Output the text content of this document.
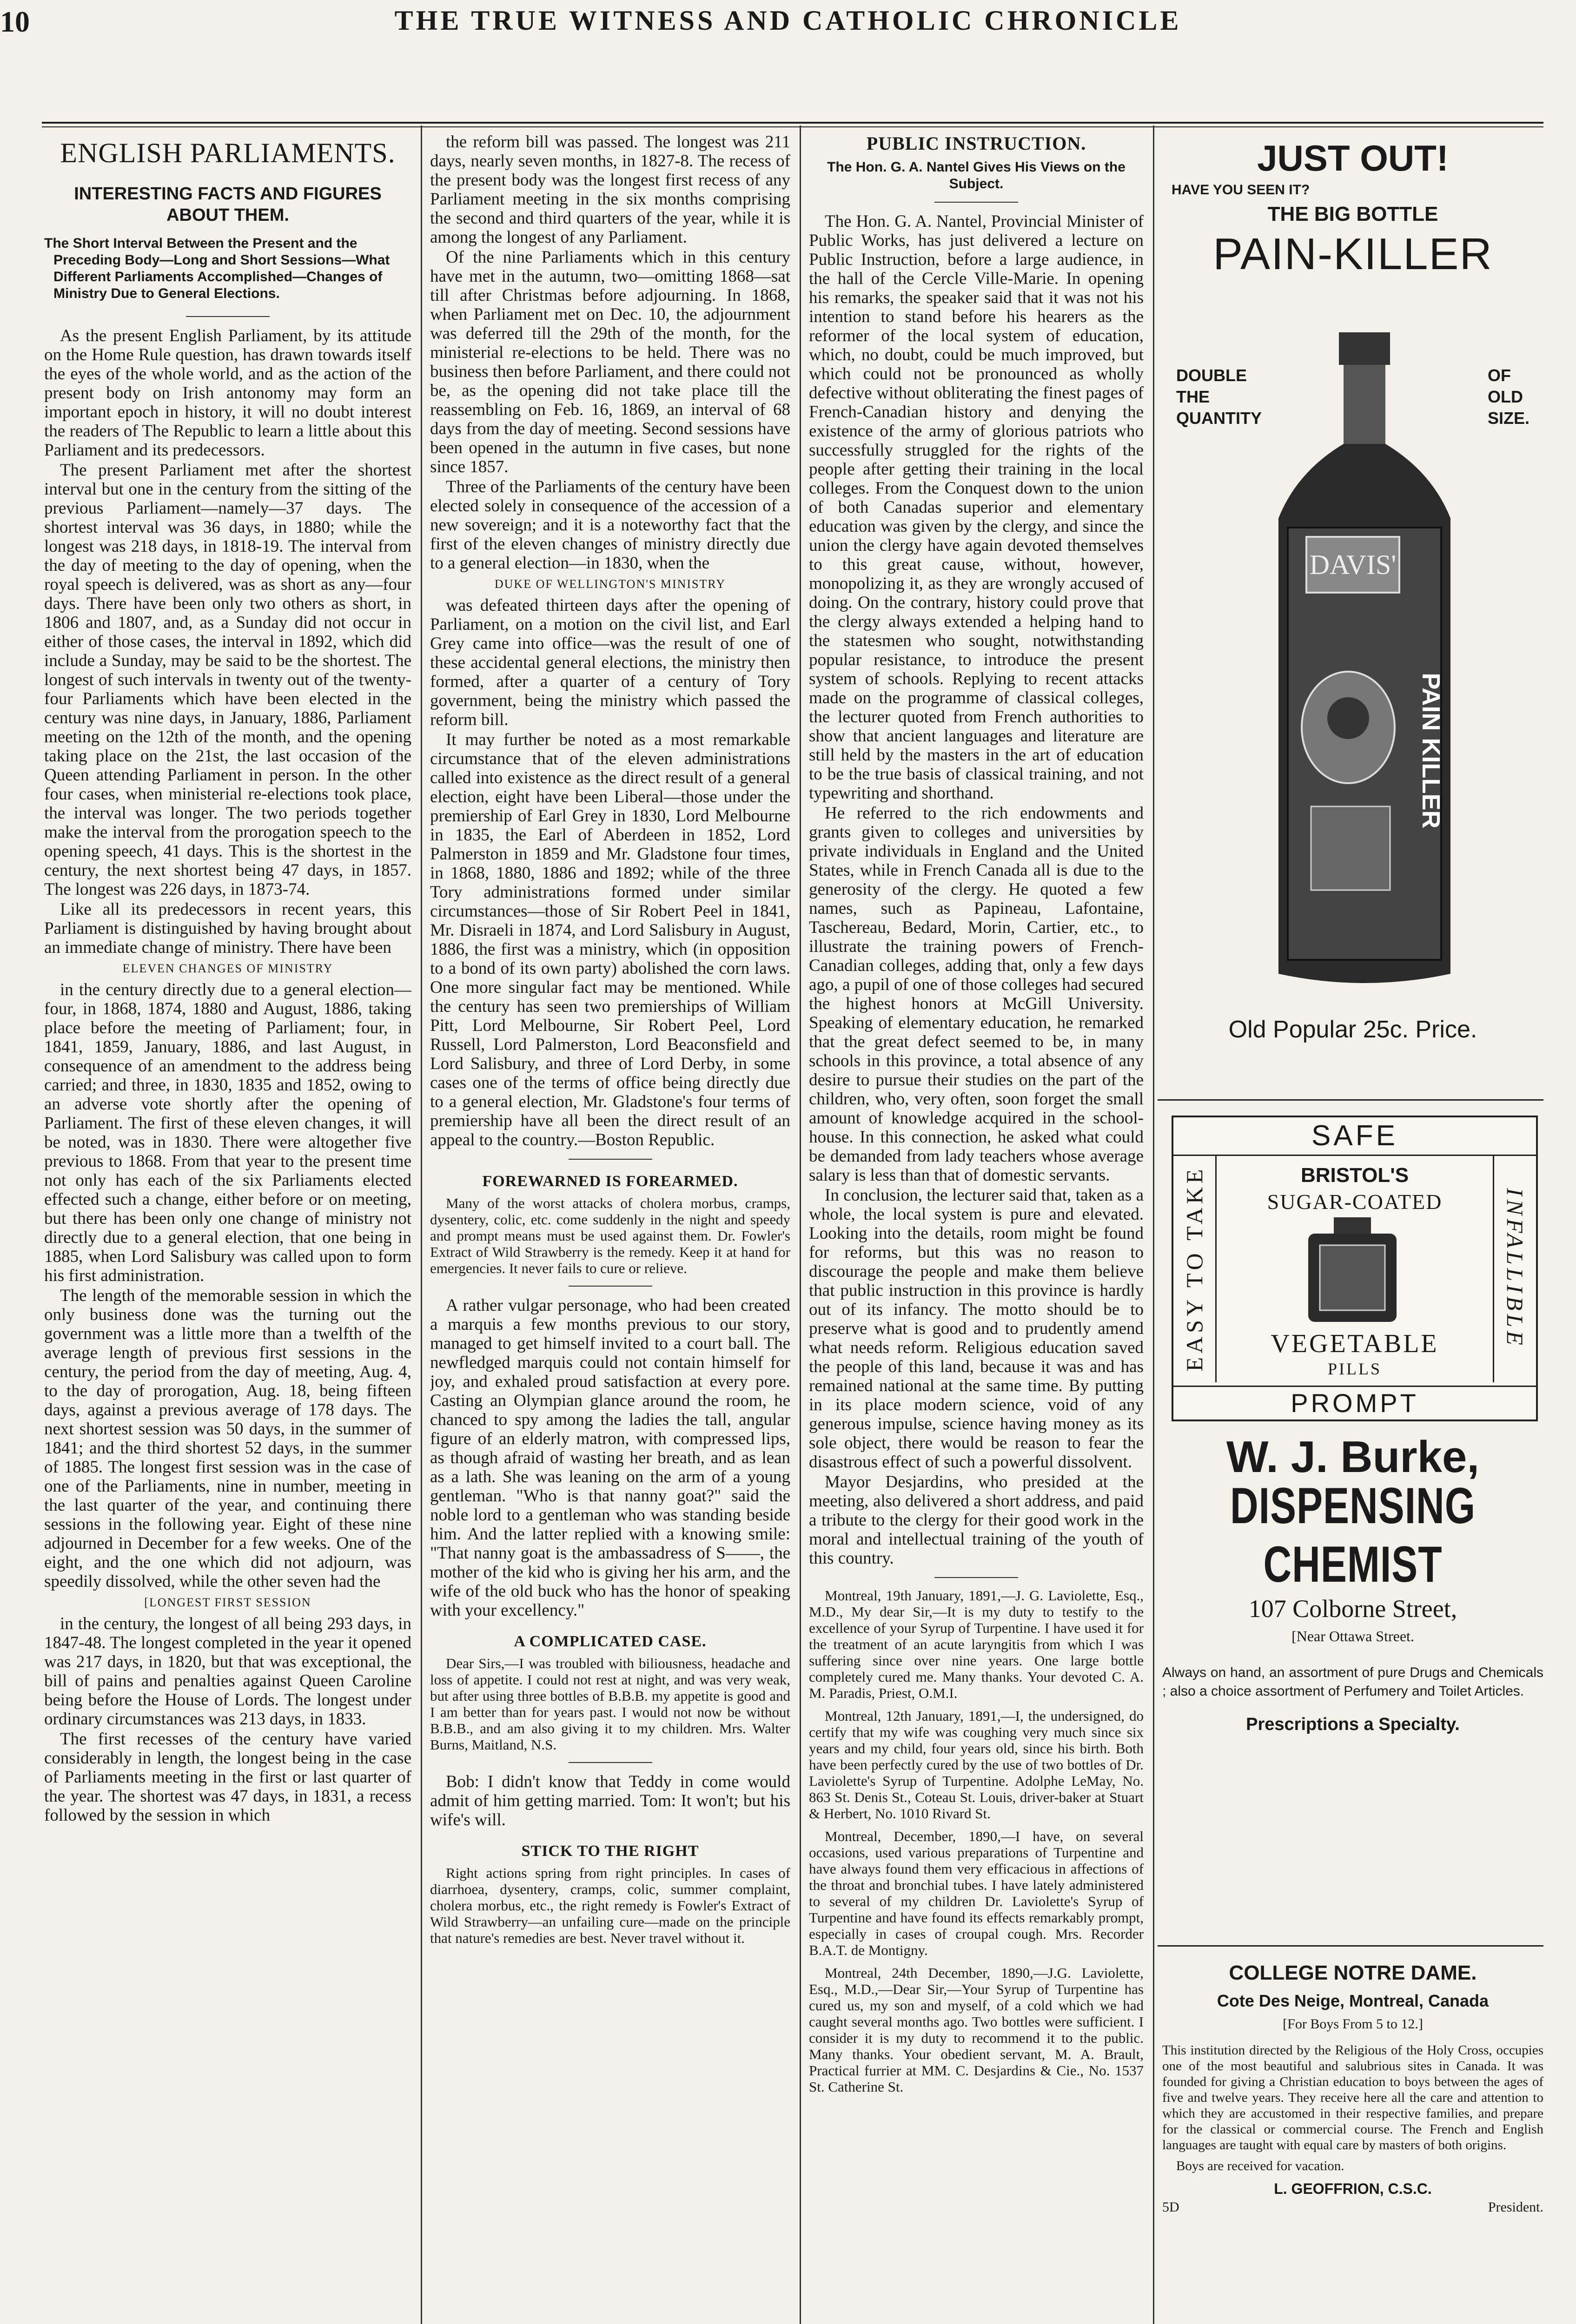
10	THE TRUE WITNESS AND CATHOLIC CHRONICLE
ENGLISH PARLIAMENTS.
INTERESTING FACTS AND FIGURES ABOUT THEM.
The Short Interval Between the Present and the Preceding Body—Long and Short Sessions—What Different Parliaments Accomplished—Changes of Ministry Due to General Elections.

As the present English Parliament, by its attitude on the Home Rule question, has drawn towards itself the eyes of the whole world, and as the action of the present body on Irish antonomy may form an important epoch in history, it will no doubt interest the readers of The Republic to learn a little about this Parliament and its predecessors.

The present Parliament met after the shortest interval but one in the century from the sitting of the previous Parliament—namely—37 days. The shortest interval was 36 days, in 1880; while the longest was 218 days, in 1818-19. The interval from the day of meeting to the day of opening, when the royal speech is delivered, was as short as any—four days. There have been only two others as short, in 1806 and 1807, and, as a Sunday did not occur in either of those cases, the interval in 1892, which did include a Sunday, may be said to be the shortest. The longest of such intervals in twenty out of the twenty-four Parliaments which have been elected in the century was nine days, in January, 1886, Parliament meeting on the 12th of the month, and the opening taking place on the 21st, the last occasion of the Queen attending Parliament in person. In the other four cases, when ministerial re-elections took place, the interval was longer. The two periods together make the interval from the prorogation speech to the opening speech, 41 days. This is the shortest in the century, the next shortest being 47 days, in 1857. The longest was 226 days, in 1873-74.

Like all its predecessors in recent years, this Parliament is distinguished by having brought about an immediate change of ministry. There have been

ELEVEN CHANGES OF MINISTRY

in the century directly due to a general election—four, in 1868, 1874, 1880 and August, 1886, taking place before the meeting of Parliament; four, in 1841, 1859, January, 1886, and last August, in consequence of an amendment to the address being carried; and three, in 1830, 1835 and 1852, owing to an adverse vote shortly after the opening of Parliament. The first of these eleven changes, it will be noted, was in 1830. There were altogether five previous to 1868. From that year to the present time not only has each of the six Parliaments elected effected such a change, either before or on meeting, but there has been only one change of ministry not directly due to a general election, that one being in 1885, when Lord Salisbury was called upon to form his first administration.

The length of the memorable session in which the only business done was the turning out the government was a little more than a twelfth of the average length of previous first sessions in the century, the period from the day of meeting, Aug. 4, to the day of prorogation, Aug. 18, being fifteen days, against a previous average of 178 days. The next shortest session was 50 days, in the summer of 1841; and the third shortest 52 days, in the summer of 1885. The longest first session was in the case of one of the Parliaments, nine in number, meeting in the last quarter of the year, and continuing there sessions in the following year. Eight of these nine adjourned in December for a few weeks. One of the eight, and the one which did not adjourn, was speedily dissolved, while the other seven had the

[LONGEST FIRST SESSION

in the century, the longest of all being 293 days, in 1847-48. The longest completed in the year it opened was 217 days, in 1820, but that was exceptional, the bill of pains and penalties against Queen Caroline being before the House of Lords. The longest under ordinary circumstances was 213 days, in 1833.

The first recesses of the century have varied considerably in length, the longest being in the case of Parliaments meeting in the first or last quarter of the year. The shortest was 47 days, in 1831, a recess followed by the session in which

the reform bill was passed. The longest was 211 days, nearly seven months, in 1827-8. The recess of the present body was the longest first recess of any Parliament meeting in the six months comprising the second and third quarters of the year, while it is among the longest of any Parliament.

Of the nine Parliaments which in this century have met in the autumn, two—omitting 1868—sat till after Christmas before adjourning. In 1868, when Parliament met on Dec. 10, the adjournment was deferred till the 29th of the month, for the ministerial re-elections to be held. There was no business then before Parliament, and there could not be, as the opening did not take place till the reassembling on Feb. 16, 1869, an interval of 68 days from the day of meeting. Second sessions have been opened in the autumn in five cases, but none since 1857.

Three of the Parliaments of the century have been elected solely in consequence of the accession of a new sovereign; and it is a noteworthy fact that the first of the eleven changes of ministry directly due to a general election—in 1830, when the

DUKE OF WELLINGTON'S MINISTRY

was defeated thirteen days after the opening of Parliament, on a motion on the civil list, and Earl Grey came into office—was the result of one of these accidental general elections, the ministry then formed, after a quarter of a century of Tory government, being the ministry which passed the reform bill.

It may further be noted as a most remarkable circumstance that of the eleven administrations called into existence as the direct result of a general election, eight have been Liberal—those under the premiership of Earl Grey in 1830, Lord Melbourne in 1835, the Earl of Aberdeen in 1852, Lord Palmerston in 1859 and Mr. Gladstone four times, in 1868, 1880, 1886 and 1892; while of the three Tory administrations formed under similar circumstances—those of Sir Robert Peel in 1841, Mr. Disraeli in 1874, and Lord Salisbury in August, 1886, the first was a ministry, which (in opposition to a bond of its own party) abolished the corn laws. One more singular fact may be mentioned. While the century has seen two premierships of William Pitt, Lord Melbourne, Sir Robert Peel, Lord Russell, Lord Palmerston, Lord Beaconsfield and Lord Salisbury, and three of Lord Derby, in some cases one of the terms of office being directly due to a general election, Mr. Gladstone's four terms of premiership have all been the direct result of an appeal to the country.—Boston Republic.

FOREWARNED IS FOREARMED.

Many of the worst attacks of cholera morbus, cramps, dysentery, colic, etc. come suddenly in the night and speedy and prompt means must be used against them. Dr. Fowler's Extract of Wild Strawberry is the remedy. Keep it at hand for emergencies. It never fails to cure or relieve.

A rather vulgar personage, who had been created a marquis a few months previous to our story, managed to get himself invited to a court ball. The newfledged marquis could not contain himself for joy, and exhaled proud satisfaction at every pore. Casting an Olympian glance around the room, he chanced to spy among the ladies the tall, angular figure of an elderly matron, with compressed lips, as though afraid of wasting her breath, and as lean as a lath. She was leaning on the arm of a young gentleman. "Who is that nanny goat?" said the noble lord to a gentleman who was standing beside him. And the latter replied with a knowing smile: "That nanny goat is the ambassadress of S——, the mother of the kid who is giving her his arm, and the wife of the old buck who has the honor of speaking with your excellency."

A COMPLICATED CASE.

Dear Sirs,—I was troubled with biliousness, headache and loss of appetite. I could not rest at night, and was very weak, but after using three bottles of B.B.B. my appetite is good and I am better than for years past. I would not now be without B.B.B., and am also giving it to my children. Mrs. Walter Burns, Maitland, N.S.

Bob: I didn't know that Teddy in come would admit of him getting married. Tom: It won't; but his wife's will.

STICK TO THE RIGHT

Right actions spring from right principles. In cases of diarrhoea, dysentery, cramps, colic, summer complaint, cholera morbus, etc., the right remedy is Fowler's Extract of Wild Strawberry—an unfailing cure—made on the principle that nature's remedies are best. Never travel without it.

PUBLIC INSTRUCTION.
The Hon. G. A. Nantel Gives His Views on the Subject.

The Hon. G. A. Nantel, Provincial Minister of Public Works, has just delivered a lecture on Public Instruction, before a large audience, in the hall of the Cercle Ville-Marie. In opening his remarks, the speaker said that it was not his intention to stand before his hearers as the reformer of the local system of education, which, no doubt, could be much improved, but which could not be pronounced as wholly defective without obliterating the finest pages of French-Canadian history and denying the existence of the army of glorious patriots who successfully struggled for the rights of the people after getting their training in the local colleges. From the Conquest down to the union of both Canadas superior and elementary education was given by the clergy, and since the union the clergy have again devoted themselves to this great cause, without, however, monopolizing it, as they are wrongly accused of doing. On the contrary, history could prove that the clergy always extended a helping hand to the statesmen who sought, notwithstanding popular resistance, to introduce the present system of schools. Replying to recent attacks made on the programme of classical colleges, the lecturer quoted from French authorities to show that ancient languages and literature are still held by the masters in the art of education to be the true basis of classical training, and not typewriting and shorthand.

He referred to the rich endowments and grants given to colleges and universities by private individuals in England and the United States, while in French Canada all is due to the generosity of the clergy. He quoted a few names, such as Papineau, Lafontaine, Taschereau, Bedard, Morin, Cartier, etc., to illustrate the training powers of French-Canadian colleges, adding that, only a few days ago, a pupil of one of those colleges had secured the highest honors at McGill University. Speaking of elementary education, he remarked that the great defect seemed to be, in many schools in this province, a total absence of any desire to pursue their studies on the part of the children, who, very often, soon forget the small amount of knowledge acquired in the school-house. In this connection, he asked what could be demanded from lady teachers whose average salary is less than that of domestic servants.

In conclusion, the lecturer said that, taken as a whole, the local system is pure and elevated. Looking into the details, room might be found for reforms, but this was no reason to discourage the people and make them believe that public instruction in this province is hardly out of its infancy. The motto should be to preserve what is good and to prudently amend what needs reform. Religious education saved the people of this land, because it was and has remained national at the same time. By putting in its place modern science, void of any generous impulse, science having money as its sole object, there would be reason to fear the disastrous effect of such a powerful dissolvent.

Mayor Desjardins, who presided at the meeting, also delivered a short address, and paid a tribute to the clergy for their good work in the moral and intellectual training of the youth of this country.

Montreal, 19th January, 1891,—J. G. Laviolette, Esq., M.D., My dear Sir,—It is my duty to testify to the excellence of your Syrup of Turpentine. I have used it for the treatment of an acute laryngitis from which I was suffering since over nine years. One large bottle completely cured me. Many thanks. Your devoted C. A. M. Paradis, Priest, O.M.I.

Montreal, 12th January, 1891,—I, the undersigned, do certify that my wife was coughing very much since six years and my child, four years old, since his birth. Both have been perfectly cured by the use of two bottles of Dr. Laviolette's Syrup of Turpentine. Adolphe LeMay, No. 863 St. Denis St., Coteau St. Louis, driver-baker at Stuart & Herbert, No. 1010 Rivard St.

Montreal, December, 1890,—I have, on several occasions, used various preparations of Turpentine and have always found them very efficacious in affections of the throat and bronchial tubes. I have lately administered to several of my children Dr. Laviolette's Syrup of Turpentine and have found its effects remarkably prompt, especially in cases of croupal cough. Mrs. Recorder B.A.T. de Montigny.

Montreal, 24th December, 1890,—J.G. Laviolette, Esq., M.D.,—Dear Sir,—Your Syrup of Turpentine has cured us, my son and myself, of a cold which we had caught several months ago. Two bottles were sufficient. I consider it is my duty to recommend it to the public. Many thanks. Your obedient servant, M. A. Brault, Practical furrier at MM. C. Desjardins & Cie., No. 1537 St. Catherine St.

JUST OUT!
HAVE YOU SEEN IT?
THE BIG BOTTLE
PAIN-KILLER
DOUBLE
THE
QUANTITY
OF
OLD
SIZE.
DAVIS'
PAIN KILLER
Old Popular 25c. Price.
SAFE
EASY TO TAKE	INFALLIBLE
BRISTOL'S
SUGAR-COATED
VEGETABLE
PILLS
PROMPT
W. J. Burke,
DISPENSING CHEMIST
107 Colborne Street,
[Near Ottawa Street.
Always on hand, an assortment of pure Drugs and Chemicals ; also a choice assortment of Perfumery and Toilet Articles.
Prescriptions a Specialty.
COLLEGE NOTRE DAME.
Cote Des Neige, Montreal, Canada
[For Boys From 5 to 12.]
This institution directed by the Religious of the Holy Cross, occupies one of the most beautiful and salubrious sites in Canada. It was founded for giving a Christian education to boys between the ages of five and twelve years. They receive here all the care and attention to which they are accustomed in their respective families, and prepare for the classical or commercial course. The French and English languages are taught with equal care by masters of both origins.
Boys are received for vacation.
L. GEOFFRION, C.S.C.
5D	President.
